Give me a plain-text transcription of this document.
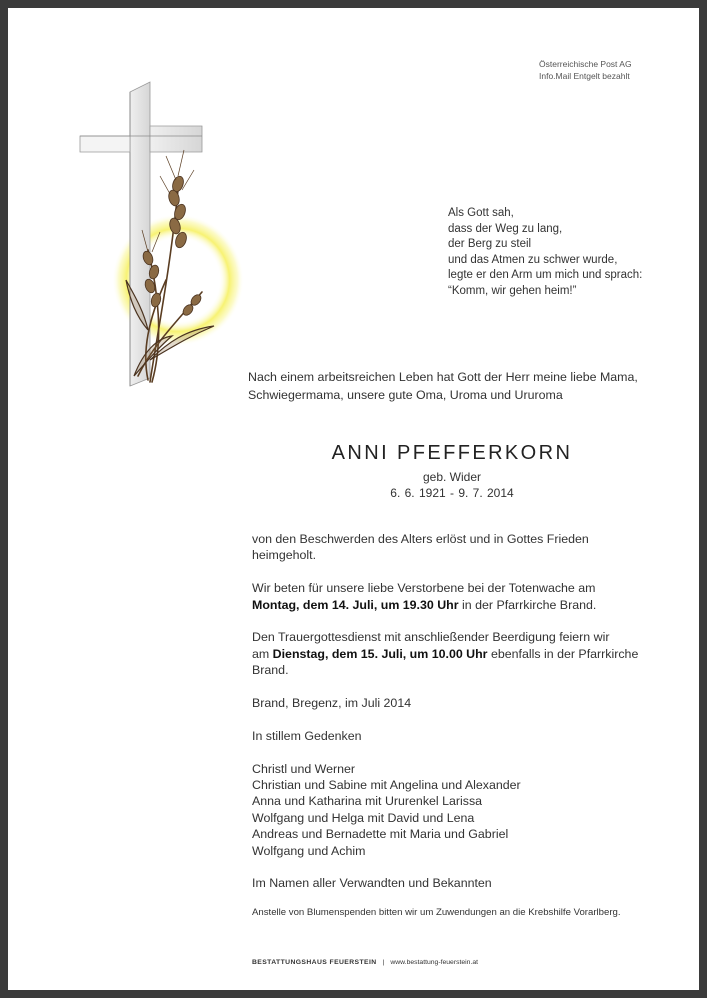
Österreichische Post AG
Info.Mail Entgelt bezahlt
Als Gott sah,
dass der Weg zu lang,
der Berg zu steil
und das Atmen zu schwer wurde,
legte er den Arm um mich und sprach:
“Komm, wir gehen heim!”
Nach einem arbeitsreichen Leben hat Gott der Herr meine liebe Mama,
Schwiegermama, unsere gute Oma, Uroma und Ururoma
ANNI PFEFFERKORN
geb. Wider
6. 6. 1921 - 9. 7. 2014

von den Beschwerden des Alters erlöst und in Gottes Frieden

heimgeholt.

Wir beten für unsere liebe Verstorbene bei der Totenwache am

Montag, dem 14. Juli, um 19.30 Uhr in der Pfarrkirche Brand.

Den Trauergottesdienst mit anschließender Beerdigung feiern wir

am Dienstag, dem 15. Juli, um 10.00 Uhr ebenfalls in der Pfarrkirche

Brand.

Brand, Bregenz, im Juli 2014

In stillem Gedenken

Christl und Werner

Christian und Sabine mit Angelina und Alexander

Anna und Katharina mit Ururenkel Larissa

Wolfgang und Helga mit David und Lena

Andreas und Bernadette mit Maria und Gabriel

Wolfgang und Achim

Im Namen aller Verwandten und Bekannten

Anstelle von Blumenspenden bitten wir um Zuwendungen an die Krebshilfe Vorarlberg.
BESTATTUNGSHAUS FEUERSTEIN | www.bestattung-feuerstein.at
